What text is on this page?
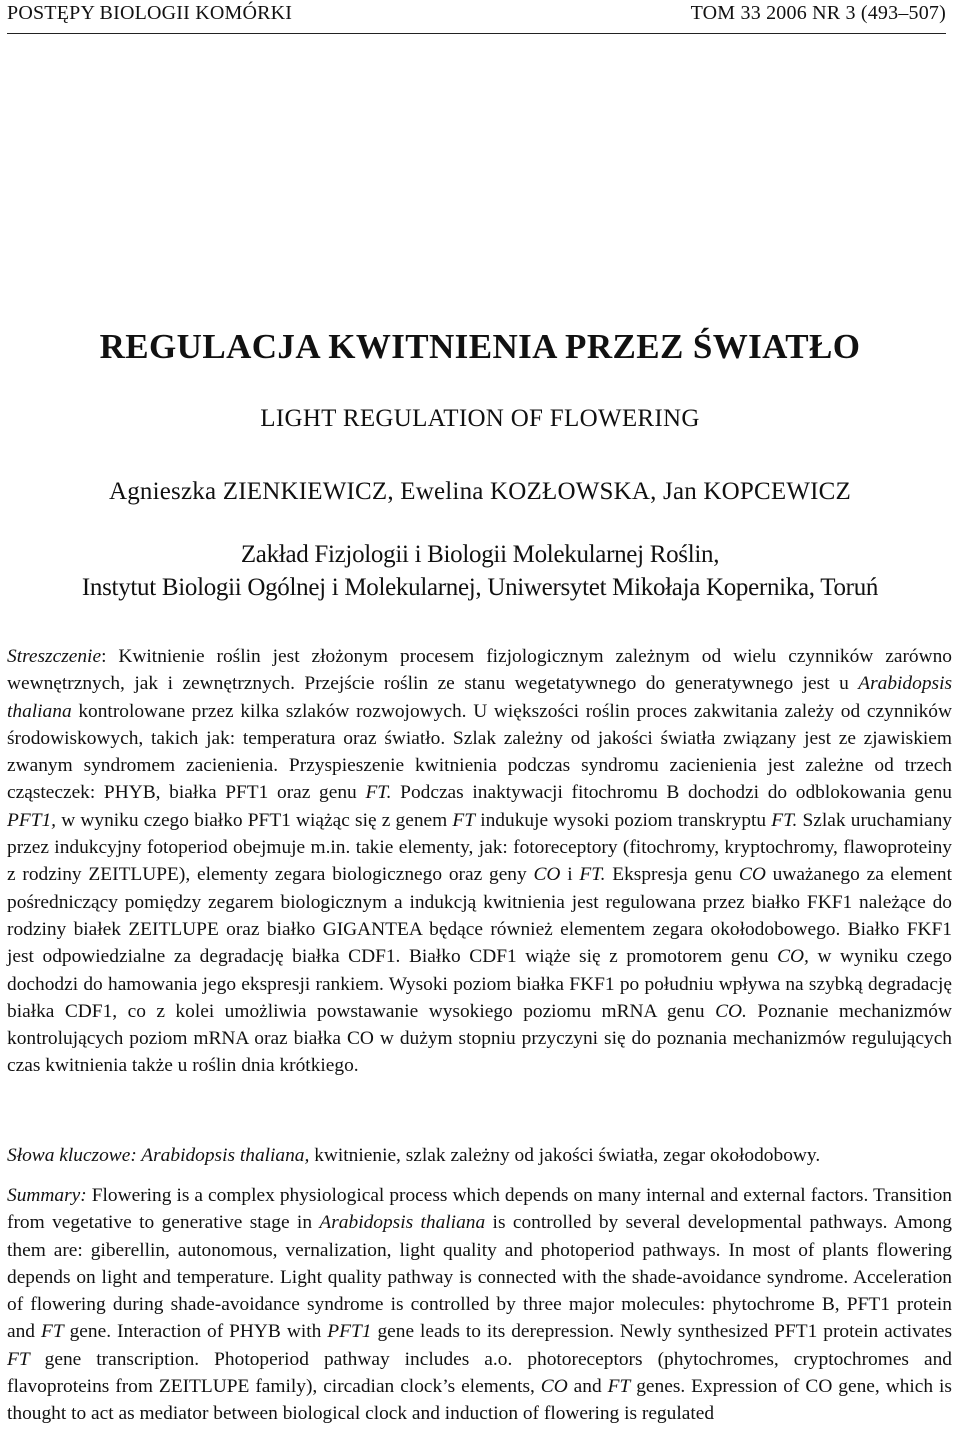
POSTĘPY BIOLOGII KOMÓRKI	TOM 33 2006 NR 3 (493–507)
REGULACJA KWITNIENIA PRZEZ ŚWIATŁO
LIGHT REGULATION OF FLOWERING
Agnieszka ZIENKIEWICZ, Ewelina KOZŁOWSKA, Jan KOPCEWICZ
Zakład Fizjologii i Biologii Molekularnej Roślin,
Instytut Biologii Ogólnej i Molekularnej, Uniwersytet Mikołaja Kopernika, Toruń
Streszczenie: Kwitnienie roślin jest złożonym procesem fizjologicznym zależnym od wielu czynników zarówno wewnętrznych, jak i zewnętrznych. Przejście roślin ze stanu wegetatywnego do generatywnego jest u Arabidopsis thaliana kontrolowane przez kilka szlaków rozwojowych. U większości roślin proces zakwitania zależy od czynników środowiskowych, takich jak: temperatura oraz światło. Szlak zależny od jakości światła związany jest ze zjawiskiem zwanym syndromem zacienienia. Przyspieszenie kwitnienia podczas syndromu zacienienia jest zależne od trzech cząsteczek: PHYB, białka PFT1 oraz genu FT. Podczas inaktywacji fitochromu B dochodzi do odblokowania genu PFT1, w wyniku czego białko PFT1 wiążąc się z genem FT indukuje wysoki poziom transkryptu FT. Szlak uruchamiany przez indukcyjny fotoperiod obejmuje m.in. takie elementy, jak: fotoreceptory (fitochromy, kryptochromy, flawoproteiny z rodziny ZEITLUPE), elementy zegara biologicznego oraz geny CO i FT. Ekspresja genu CO uważanego za element pośredniczący pomiędzy zegarem biologicznym a indukcją kwitnienia jest regulowana przez białko FKF1 należące do rodziny białek ZEITLUPE oraz białko GIGANTEA będące również elementem zegara okołodobowego. Białko FKF1 jest odpowiedzialne za degradację białka CDF1. Białko CDF1 wiąże się z promotorem genu CO, w wyniku czego dochodzi do hamowania jego ekspresji rankiem. Wysoki poziom białka FKF1 po południu wpływa na szybką degradację białka CDF1, co z kolei umożliwia powstawanie wysokiego poziomu mRNA genu CO. Poznanie mechanizmów kontrolujących poziom mRNA oraz białka CO w dużym stopniu przyczyni się do poznania mechanizmów regulujących czas kwitnienia także u roślin dnia krótkiego.
Słowa kluczowe: Arabidopsis thaliana, kwitnienie, szlak zależny od jakości światła, zegar okołodobowy.
Summary: Flowering is a complex physiological process which depends on many internal and external factors. Transition from vegetative to generative stage in Arabidopsis thaliana is controlled by several developmental pathways. Among them are: giberellin, autonomous, vernalization, light quality and photoperiod pathways. In most of plants flowering depends on light and temperature. Light quality pathway is connected with the shade-avoidance syndrome. Acceleration of flowering during shade-avoidance syndrome is controlled by three major molecules: phytochrome B, PFT1 protein and FT gene. Interaction of PHYB with PFT1 gene leads to its derepression. Newly synthesized PFT1 protein activates FT gene transcription. Photoperiod pathway includes a.o. photoreceptors (phytochromes, cryptochromes and flavoproteins from ZEITLUPE family), circadian clock’s elements, CO and FT genes. Expression of CO gene, which is thought to act as mediator between biological clock and induction of flowering is regulated
